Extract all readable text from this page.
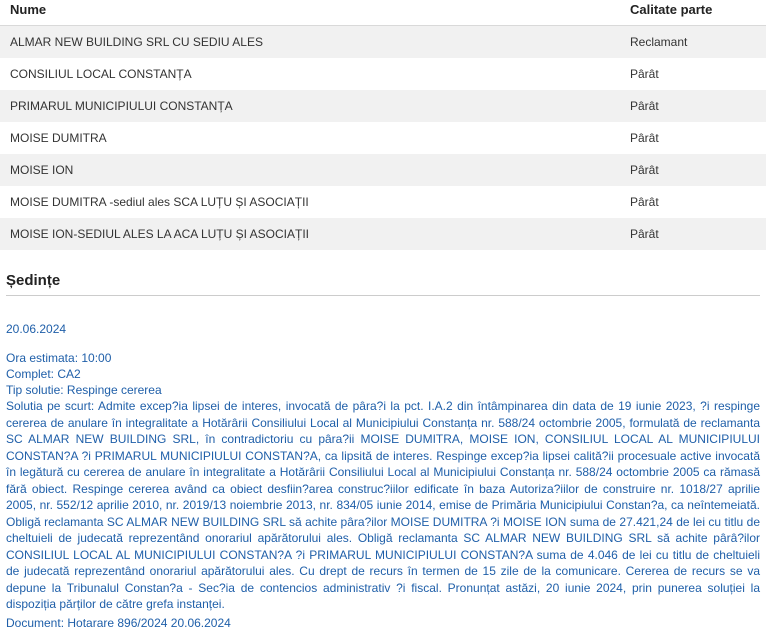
Nume	Calitate parte
ALMAR NEW BUILDING SRL CU SEDIU ALES	Reclamant
CONSILIUL LOCAL CONSTANȚA	Pârât
PRIMARUL MUNICIPIULUI CONSTANȚA	Pârât
MOISE DUMITRA	Pârât
MOISE ION	Pârât
MOISE DUMITRA -sediul ales SCA LUȚU ȘI ASOCIAȚII	Pârât
MOISE ION-SEDIUL ALES LA ACA LUȚU ȘI ASOCIAȚII	Pârât
Ședințe
20.06.2024
Ora estimata: 10:00
Complet: CA2
Tip solutie: Respinge cererea
Solutia pe scurt: Admite excep?ia lipsei de interes, invocată de pâra?i la pct. I.A.2 din întâmpinarea din data de 19 iunie 2023, ?i respinge cererea de anulare în integralitate a Hotărârii Consiliului Local al Municipiului Constanța nr. 588/24 octombrie 2005, formulată de reclamanta SC ALMAR NEW BUILDING SRL, în contradictoriu cu pâra?ii MOISE DUMITRA, MOISE ION, CONSILIUL LOCAL AL MUNICIPIULUI CONSTAN?A ?i PRIMARUL MUNICIPIULUI CONSTAN?A, ca lipsită de interes. Respinge excep?ia lipsei calită?ii procesuale active invocată în legătură cu cererea de anulare în integralitate a Hotărârii Consiliului Local al Municipiului Constanța nr. 588/24 octombrie 2005 ca rămasă fără obiect. Respinge cererea având ca obiect desfiin?area construc?iilor edificate în baza Autoriza?iilor de construire nr. 1018/27 aprilie 2005, nr. 552/12 aprilie 2010, nr. 2019/13 noiembrie 2013, nr. 834/05 iunie 2014, emise de Primăria Municipiului Constan?a, ca neîntemeiată. Obligă reclamanta SC ALMAR NEW BUILDING SRL să achite pâra?ilor MOISE DUMITRA ?i MOISE ION suma de 27.421,24 de lei cu titlu de cheltuieli de judecată reprezentând onorariul apărătorului ales. Obligă reclamanta SC ALMAR NEW BUILDING SRL să achite pârâ?ilor CONSILIUL LOCAL AL MUNICIPIULUI CONSTAN?A ?i PRIMARUL MUNICIPIULUI CONSTAN?A suma de 4.046 de lei cu titlu de cheltuieli de judecată reprezentând onorariul apărătorului ales. Cu drept de recurs în termen de 15 zile de la comunicare. Cererea de recurs se va depune la Tribunalul Constan?a - Sec?ia de contencios administrativ ?i fiscal. Pronunțat astăzi, 20 iunie 2024, prin punerea soluției la dispoziția părților de către grefa instanței.
Document: Hotarare 896/2024 20.06.2024
